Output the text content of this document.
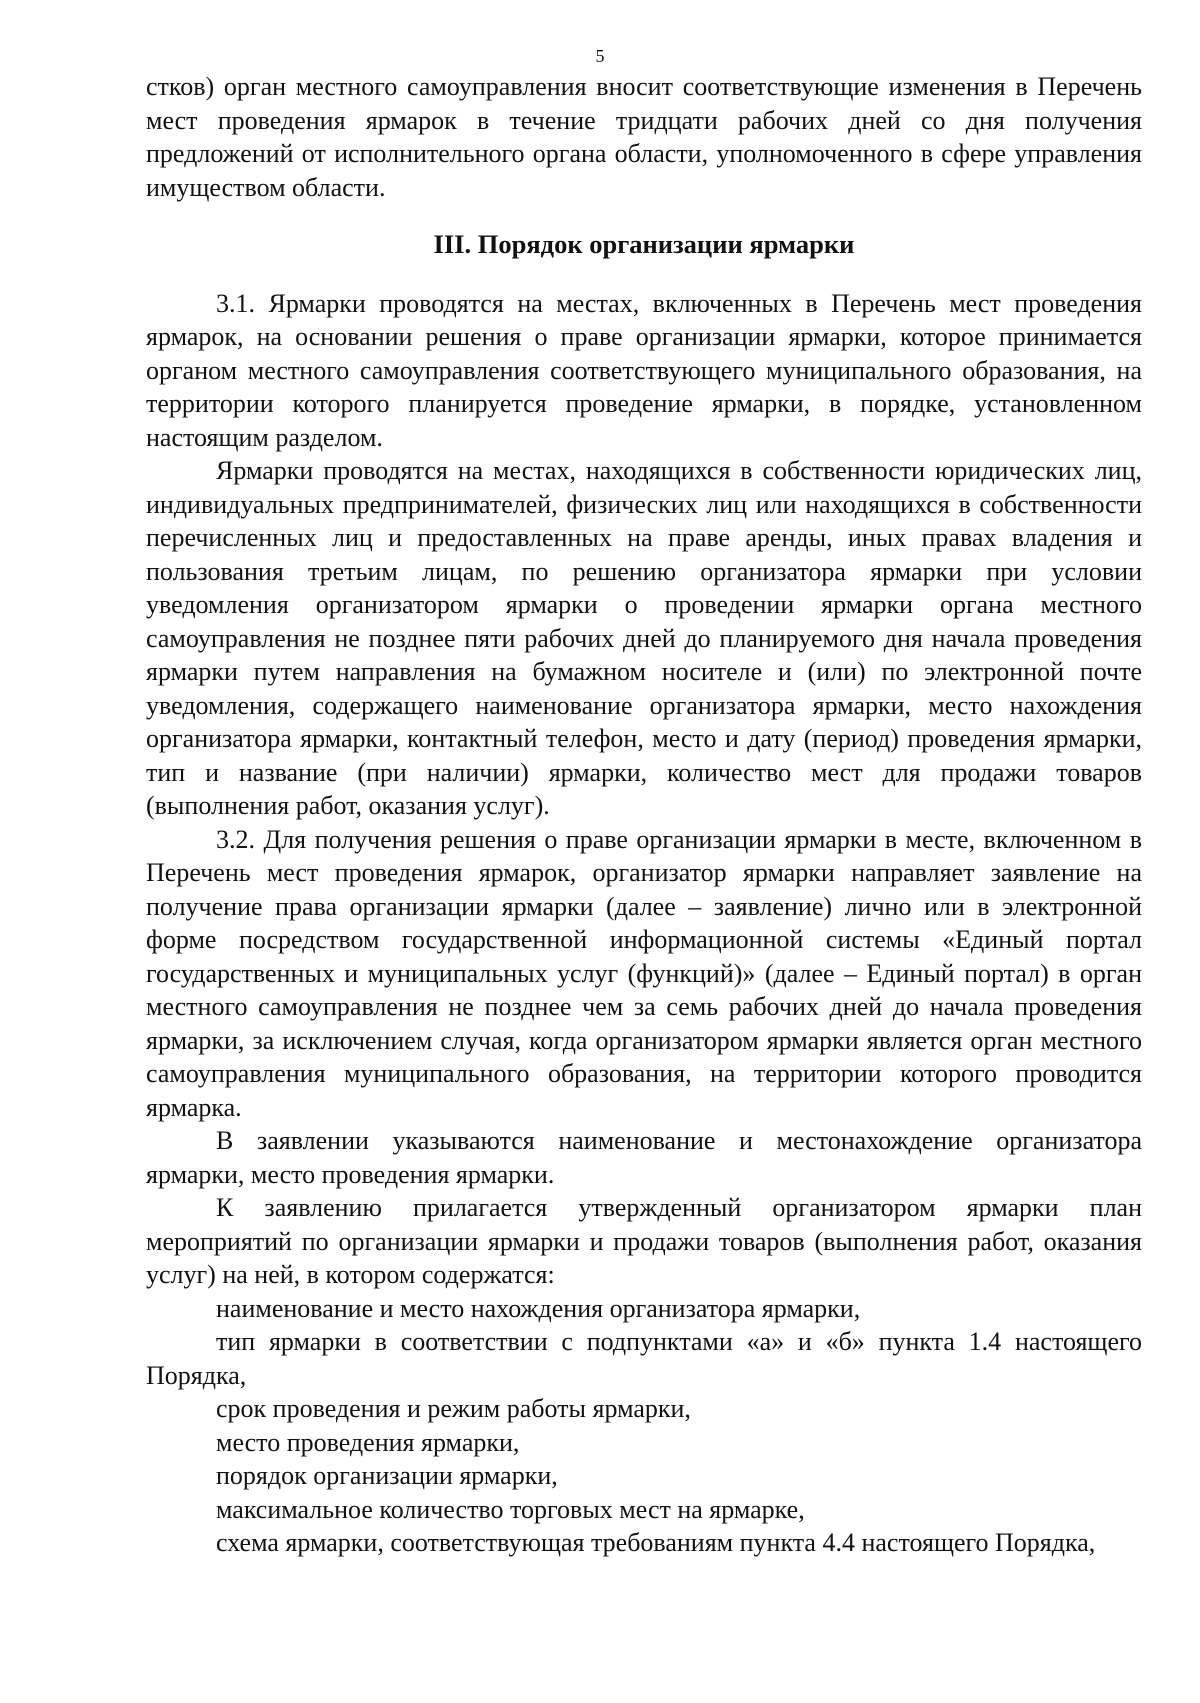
5

стков) орган местного самоуправления вносит соответствующие изменения в Перечень мест проведения ярмарок в течение тридцати рабочих дней со дня получения предложений от исполнительного органа области, уполномоченного в сфере управления имуществом области.

III. Порядок организации ярмарки

3.1. Ярмарки проводятся на местах, включенных в Перечень мест проведения ярмарок, на основании решения о праве организации ярмарки, которое принимается органом местного самоуправления соответствующего муниципального образования, на территории которого планируется проведение ярмарки, в порядке, установленном настоящим разделом.

Ярмарки проводятся на местах, находящихся в собственности юридических лиц, индивидуальных предпринимателей, физических лиц или находящихся в собственности перечисленных лиц и предоставленных на праве аренды, иных правах владения и пользования третьим лицам, по решению организатора ярмарки при условии уведомления организатором ярмарки о проведении ярмарки органа местного самоуправления не позднее пяти рабочих дней до планируемого дня начала проведения ярмарки путем направления на бумажном носителе и (или) по электронной почте уведомления, содержащего наименование организатора ярмарки, место нахождения организатора ярмарки, контактный телефон, место и дату (период) проведения ярмарки, тип и название (при наличии) ярмарки, количество мест для продажи товаров (выполнения работ, оказания услуг).

3.2. Для получения решения о праве организации ярмарки в месте, включенном в Перечень мест проведения ярмарок, организатор ярмарки направляет заявление на получение права организации ярмарки (далее – заявление) лично или в электронной форме посредством государственной информационной системы «Единый портал государственных и муниципальных услуг (функций)» (далее – Единый портал) в орган местного самоуправления не позднее чем за семь рабочих дней до начала проведения ярмарки, за исключением случая, когда организатором ярмарки является орган местного самоуправления муниципального образования, на территории которого проводится ярмарка.

В заявлении указываются наименование и местонахождение организатора ярмарки, место проведения ярмарки.

К заявлению прилагается утвержденный организатором ярмарки план мероприятий по организации ярмарки и продажи товаров (выполнения работ, оказания услуг) на ней, в котором содержатся:

наименование и место нахождения организатора ярмарки,

тип ярмарки в соответствии с подпунктами «а» и «б» пункта 1.4 настоящего Порядка,

срок проведения и режим работы ярмарки,

место проведения ярмарки,

порядок организации ярмарки,

максимальное количество торговых мест на ярмарке,

схема ярмарки, соответствующая требованиям пункта 4.4 настоящего Порядка,
